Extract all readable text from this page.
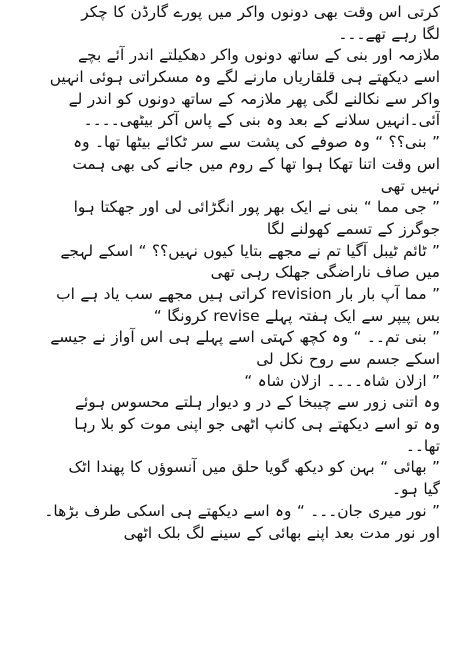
کرتی اس وقت بھی دونوں واکر میں پورے گارڈن کا چکر
لگا رہے تھے۔۔۔
ملازمہ اور بنی کے ساتھ دونوں واکر دھکیلتے اندر آئے بچے
اسے دیکھتے ہی قلقاریاں مارنے لگے وہ مسکراتی ہوئی انہیں
واکر سے نکالنے لگی پھر ملازمہ کے ساتھ دونوں کو اندر لے
آئی۔انہیں سلانے کے بعد وہ بنی کے پاس آکر بیٹھی۔۔۔۔
” بنی؟؟ “ وہ صوفے کی پشت سے سر ٹکائے بیٹھا تھا۔ وہ
اس وقت اتنا تھکا ہوا تھا کے روم میں جانے کی بھی ہمت
نہیں تھی
” جی مما “ بنی نے ایک بھر پور انگڑائی لی اور جھکتا ہوا
جوگرز کے تسمے کھولنے لگا
” ٹائم ٹیبل آگیا تم نے مجھے بتایا کیوں نہیں؟؟ “ اسکے لہجے
میں صاف ناراضگی جھلک رہی تھی
” مما آپ بار بار revision کراتی ہیں مجھے سب یاد ہے اب
بس پیپر سے ایک ہفتہ پہلے revise کرونگا “
” بنی تم۔۔ “ وہ کچھ کہتی اسے پہلے ہی اس آواز نے جیسے
اسکے جسم سے روح نکل لی
” ازلان شاہ۔۔۔۔ ازلان شاہ “
وہ اتنی زور سے چیبخا کے در و دیوار ہلتے محسوس ہوئے
وہ تو اسے دیکھتے ہی کانپ اٹھی جو اپنی موت کو بلا رہا
تھا۔۔
” بھائی “ بہن کو دیکھ گویا حلق میں آنسوؤں کا پھندا اٹک
گیا ہو۔
” نور میری جان۔۔۔ “ وہ اسے دیکھتے ہی اسکی طرف بڑھا۔
اور نور مدت بعد اپنے بھائی کے سینے لگ بلک اٹھی
